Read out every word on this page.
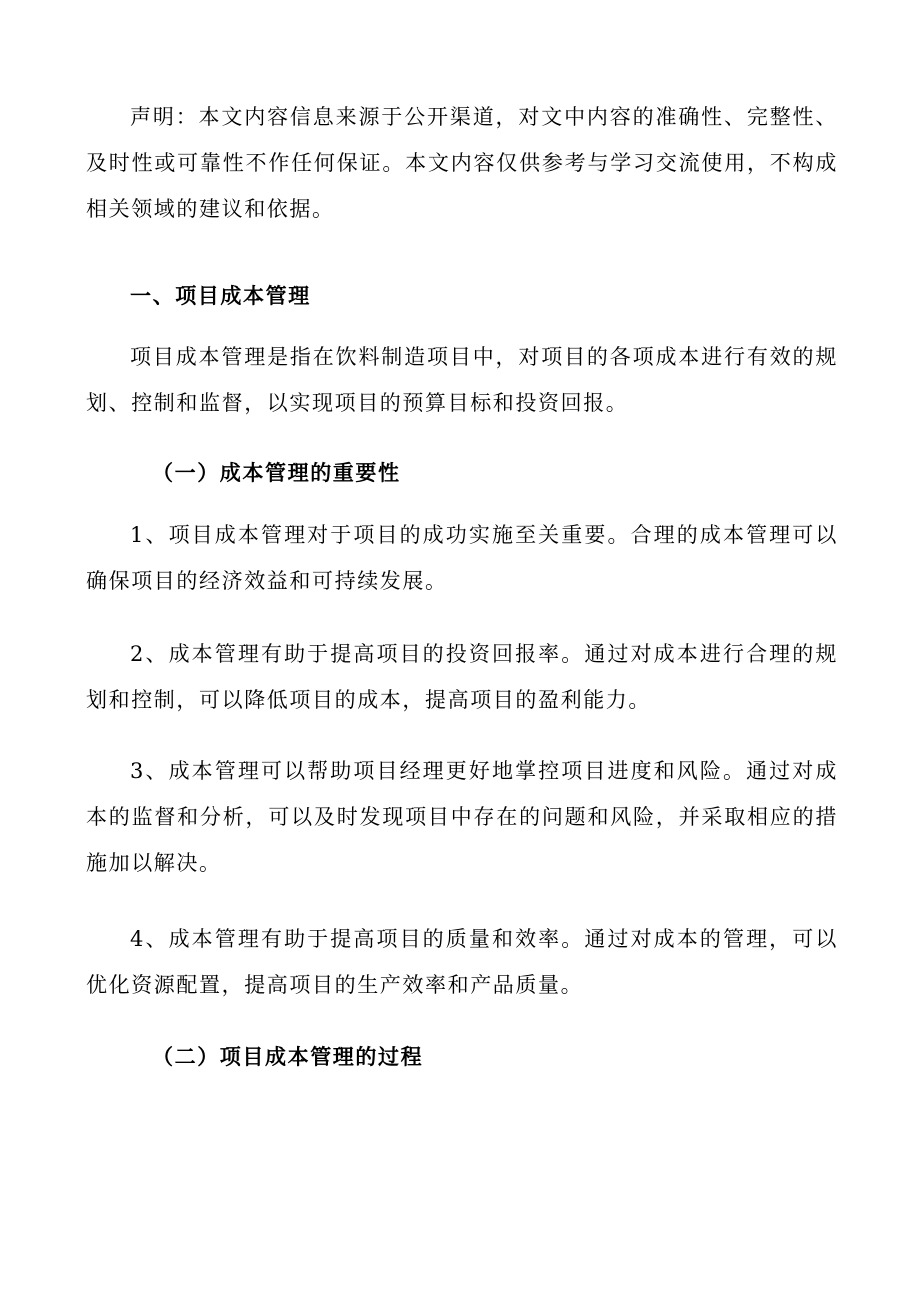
声明：本文内容信息来源于公开渠道，对文中内容的准确性、完整性、及时性或可靠性不作任何保证。本文内容仅供参考与学习交流使用，不构成相关领域的建议和依据。

一、项目成本管理

项目成本管理是指在饮料制造项目中，对项目的各项成本进行有效的规划、控制和监督，以实现项目的预算目标和投资回报。

（一）成本管理的重要性

1、项目成本管理对于项目的成功实施至关重要。合理的成本管理可以确保项目的经济效益和可持续发展。

2、成本管理有助于提高项目的投资回报率。通过对成本进行合理的规划和控制，可以降低项目的成本，提高项目的盈利能力。

3、成本管理可以帮助项目经理更好地掌控项目进度和风险。通过对成本的监督和分析，可以及时发现项目中存在的问题和风险，并采取相应的措施加以解决。

4、成本管理有助于提高项目的质量和效率。通过对成本的管理，可以优化资源配置，提高项目的生产效率和产品质量。

（二）项目成本管理的过程
